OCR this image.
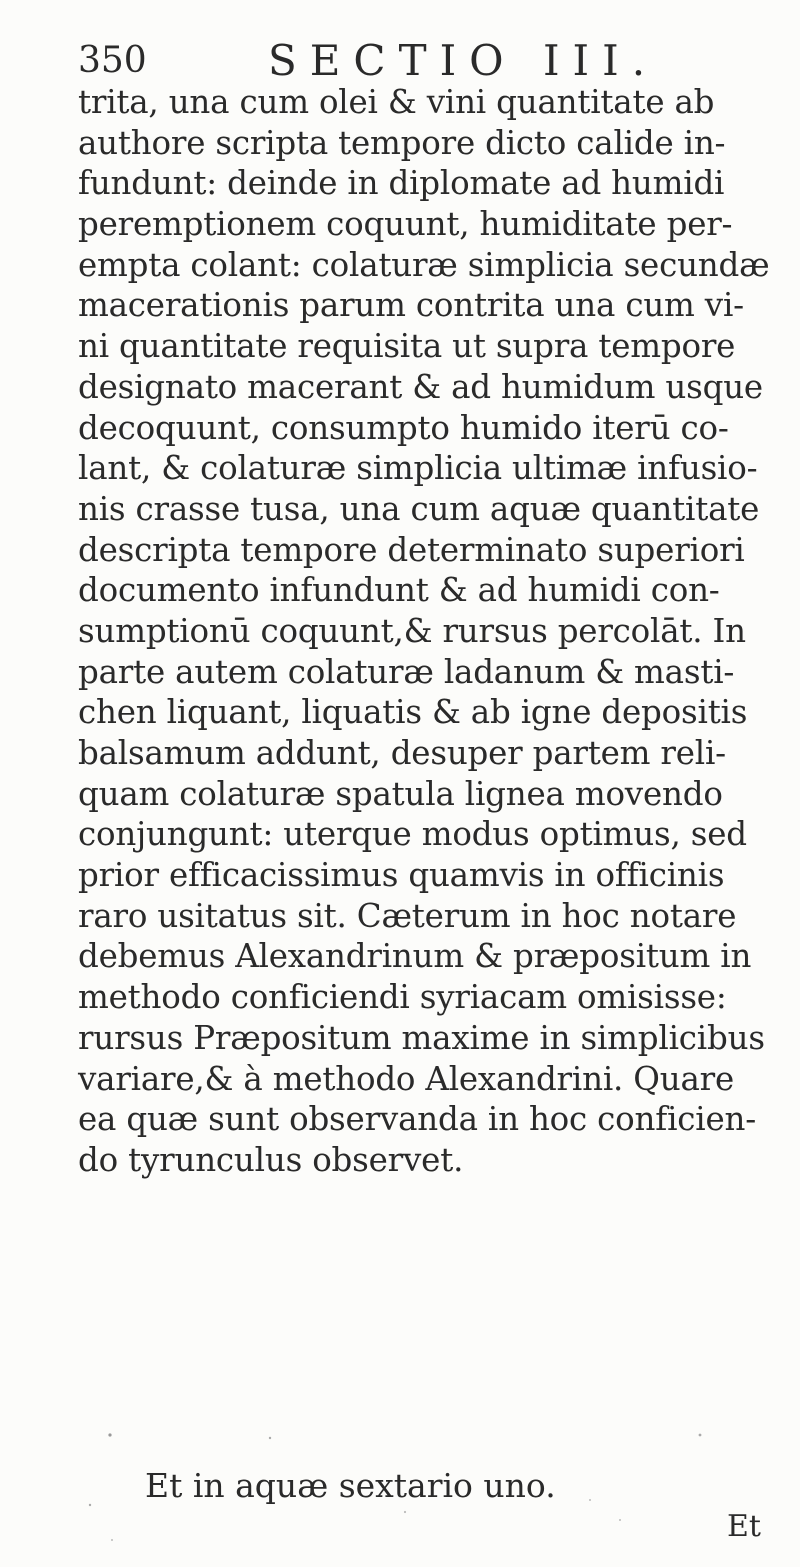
350	SECTIO III.
trita, una cum olei & vini quantitate ab
authore scripta tempore dicto calide in-
fundunt: deinde in diplomate ad humidi
peremptionem coquunt, humiditate per-
empta colant: colaturæ simplicia secundæ
macerationis parum contrita una cum vi-
ni quantitate requisita ut supra tempore
designato macerant & ad humidum usque
decoquunt, consumpto humido iterū co-
lant, & colaturæ simplicia ultimæ infusio-
nis crasse tusa, una cum aquæ quantitate
descripta tempore determinato superiori
documento infundunt & ad humidi con-
sumptionū coquunt,& rursus percolāt. In
parte autem colaturæ ladanum & masti-
chen liquant, liquatis & ab igne depositis
balsamum addunt, desuper partem reli-
quam colaturæ spatula lignea movendo
conjungunt: uterque modus optimus, sed
prior efficacissimus quamvis in officinis
raro usitatus sit. Cæterum in hoc notare
debemus Alexandrinum & præpositum in
methodo conficiendi syriacam omisisse:
rursus Præpositum maxime in simplicibus
variare,& à methodo Alexandrini. Quare
ea quæ sunt observanda in hoc conficien-
do tyrunculus observet.
Et in aquæ sextario uno.
Et
